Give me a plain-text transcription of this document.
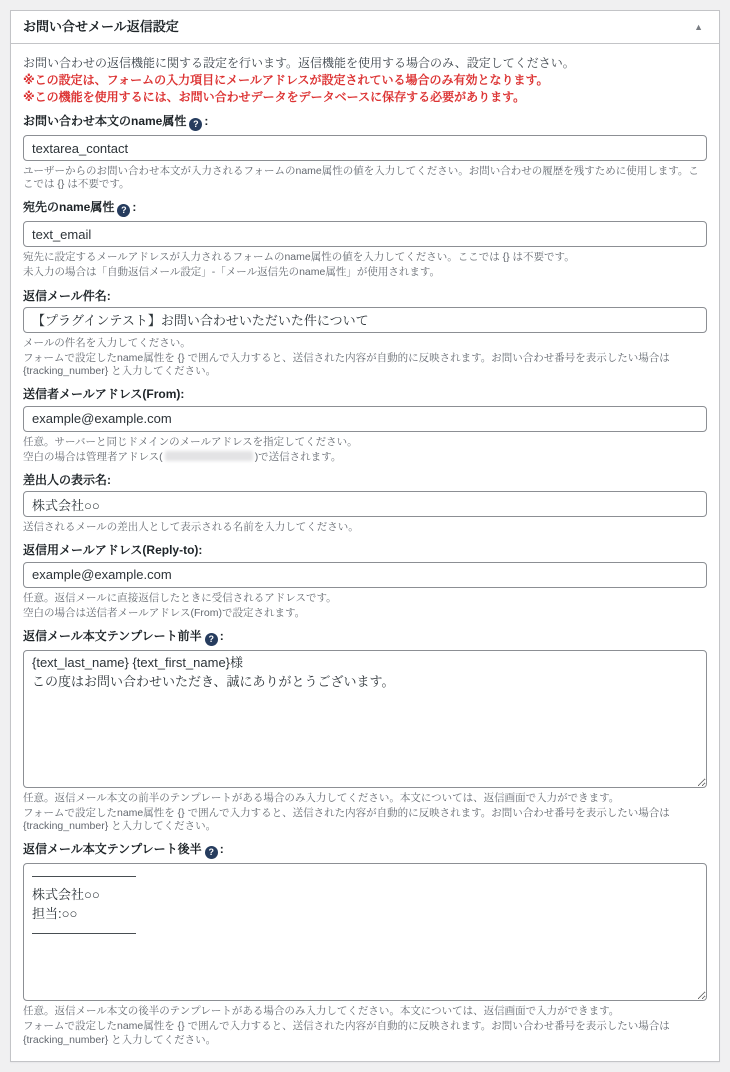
お問い合せメール返信設定	▲

お問い合わせの返信機能に関する設定を行います。返信機能を使用する場合のみ、設定してください。

※この設定は、フォームの入力項目にメールアドレスが設定されている場合のみ有効となります。

※この機能を使用するには、お問い合わせデータをデータベースに保存する必要があります。

お問い合わせ本文のname属性 ? :
textarea_contact

ユーザーからのお問い合わせ本文が入力されるフォームのname属性の値を入力してください。お問い合わせの履歴を残すために使用します。ここでは {} は不要です。

宛先のname属性 ? :
text_email

宛先に設定するメールアドレスが入力されるフォームのname属性の値を入力してください。ここでは {} は不要です。

未入力の場合は「自動返信メール設定」-「メール返信先のname属性」が使用されます。

返信メール件名:
【プラグインテスト】お問い合わせいただいた件について

メールの件名を入力してください。

フォームで設定したname属性を {} で囲んで入力すると、送信された内容が自動的に反映されます。お問い合わせ番号を表示したい場合は {tracking_number} と入力してください。

送信者メールアドレス(From):
example@example.com

任意。サーバーと同じドメインのメールアドレスを指定してください。

空白の場合は管理者アドレス(	)で送信されます。

差出人の表示名:
株式会社○○

送信されるメールの差出人として表示される名前を入力してください。

返信用メールアドレス(Reply-to):
example@example.com

任意。返信メールに直接返信したときに受信されるアドレスです。

空白の場合は送信者メールアドレス(From)で設定されます。

返信メール本文テンプレート前半 ? :
{text_last_name} {text_first_name}様 この度はお問い合わせいただき、誠にありがとうございます。

任意。返信メール本文の前半のテンプレートがある場合のみ入力してください。本文については、返信画面で入力ができます。

フォームで設定したname属性を {} で囲んで入力すると、送信された内容が自動的に反映されます。お問い合わせ番号を表示したい場合は {tracking_number} と入力してください。

返信メール本文テンプレート後半 ? :
―――――――― 株式会社○○ 担当:○○ ――――――――

任意。返信メール本文の後半のテンプレートがある場合のみ入力してください。本文については、返信画面で入力ができます。

フォームで設定したname属性を {} で囲んで入力すると、送信された内容が自動的に反映されます。お問い合わせ番号を表示したい場合は {tracking_number} と入力してください。
